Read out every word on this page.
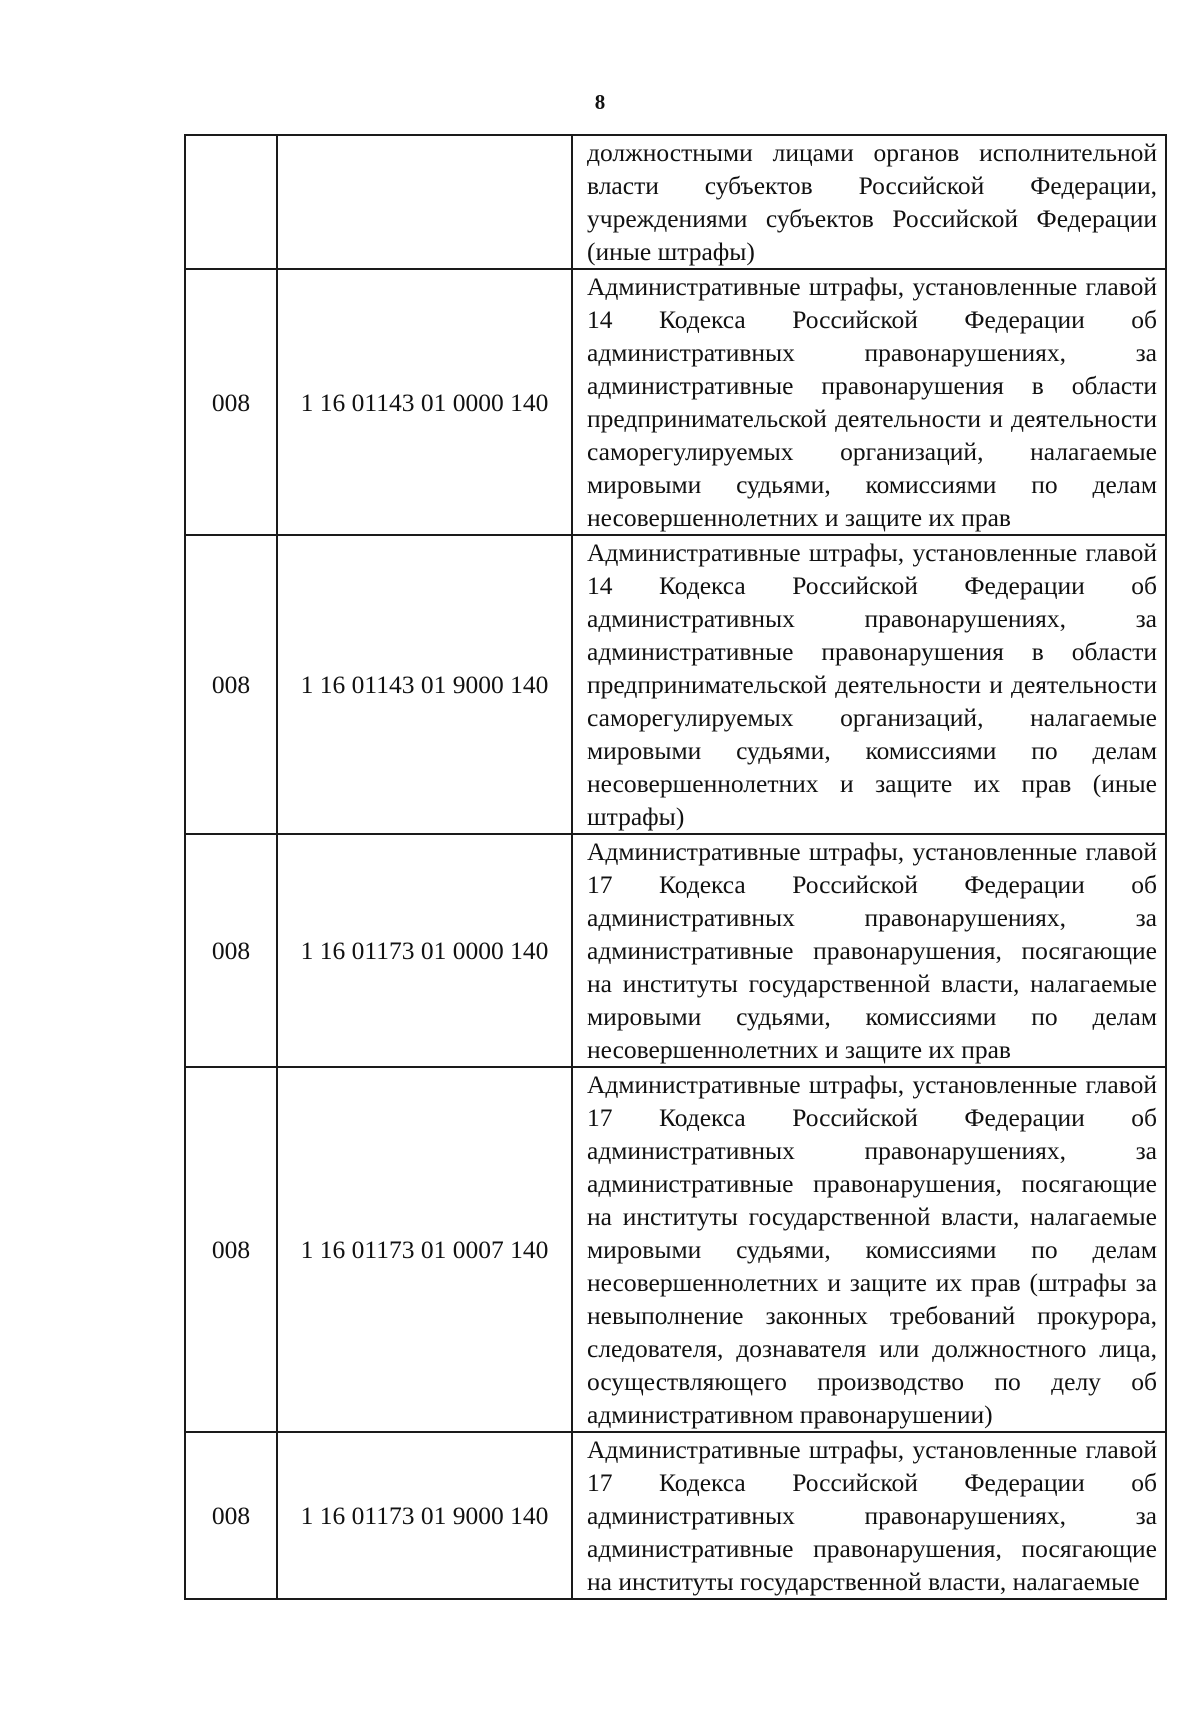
8
		должностными лицами органов исполнительной власти субъектов Российской Федерации, учреждениями субъектов Российской Федерации (иные штрафы)
008	1 16 01143 01 0000 140	Административные штрафы, установленные главой 14 Кодекса Российской Федерации об административных правонарушениях, за административные правонарушения в области предпринимательской деятельности и деятельности саморегулируемых организаций, налагаемые мировыми судьями, комиссиями по делам несовершеннолетних и защите их прав
008	1 16 01143 01 9000 140	Административные штрафы, установленные главой 14 Кодекса Российской Федерации об административных правонарушениях, за административные правонарушения в области предпринимательской деятельности и деятельности саморегулируемых организаций, налагаемые мировыми судьями, комиссиями по делам несовершеннолетних и защите их прав (иные штрафы)
008	1 16 01173 01 0000 140	Административные штрафы, установленные главой 17 Кодекса Российской Федерации об административных правонарушениях, за административные правонарушения, посягающие на институты государственной власти, налагаемые мировыми судьями, комиссиями по делам несовершеннолетних и защите их прав
008	1 16 01173 01 0007 140	Административные штрафы, установленные главой 17 Кодекса Российской Федерации об административных правонарушениях, за административные правонарушения, посягающие на институты государственной власти, налагаемые мировыми судьями, комиссиями по делам несовершеннолетних и защите их прав (штрафы за невыполнение законных требований прокурора, следователя, дознавателя или должностного лица, осуществляющего производство по делу об административном правонарушении)
008	1 16 01173 01 9000 140	Административные штрафы, установленные главой 17 Кодекса Российской Федерации об административных правонарушениях, за административные правонарушения, посягающие на институты государственной власти, налагаемые
